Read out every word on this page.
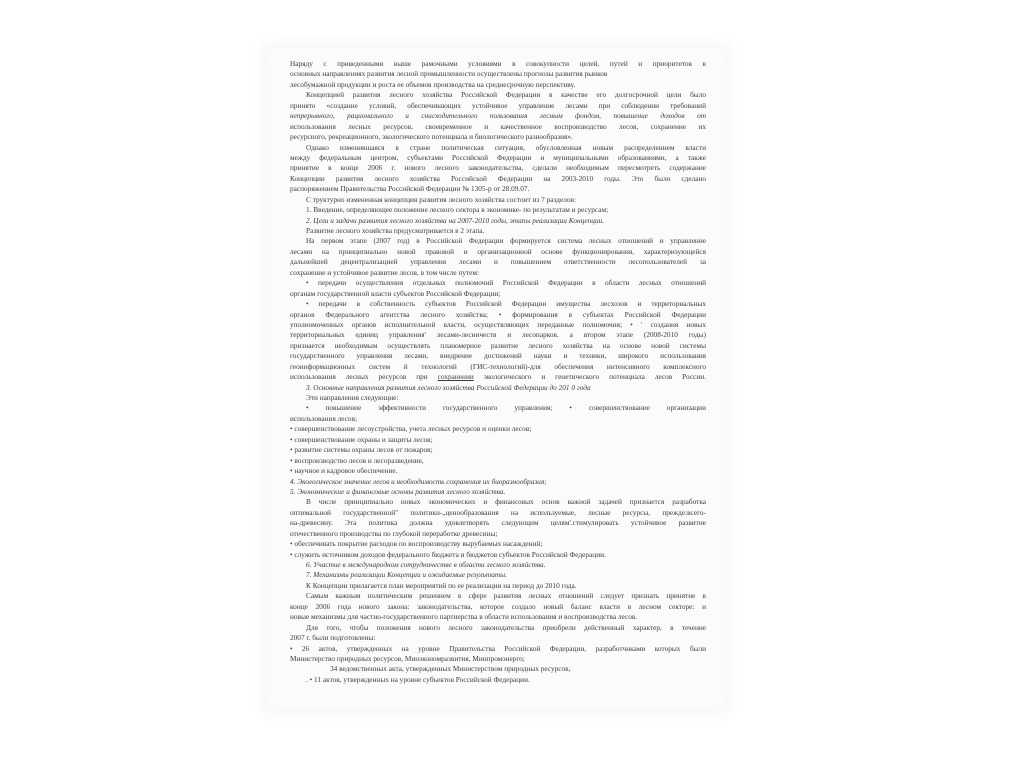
Наряду с приведенными выше рамочными условиями в совокупности целей, путей и приоритетов в
основных направлениях развития лесной промышленности осуществлены прогнозы развития рынков
лесобумажной продукции и роста ее объемов производства на среднесрочную перспективу.
Концепцией развития лесного хозяйства Российской Федерации в качестве его долгосрочной цели было
принято «создание условий, обеспечивающих устойчивое управление лесами при соблюдении требований
непрерывного, рационального и снисходительного пользования лесным фондом, повышение доходов от
использования лесных ресурсов, своевременное и качественное воспроизводство лесов, сохранение их
ресурсного, рекреационного, экологического потенциала и биологического разнообразия».
Однако изменившаяся в стране политическая ситуация, обусловленная новым распределением власти
между федеральным центром, субъектами Российской Федерации и муниципальными образованиями, а также
принятие в конце 2006 г. нового лесного законодательства, сделали необходимым пересмотреть содержание
Концепции развития лесного хозяйства Российской Федерации на 2003-2010 годы. Это было сделано
распоряжением Правительства Российской Федерации № 1305-р от 28.09.07.
С труктурно измененная концепция развития лесного хозяйства состоит из 7 разделов:
1. Введение, определяющее положение лесного сектора в экономике- по результатам и ресурсам;
2. Цели и задачи развития лесного хозяйства на 2007-2010 годы, этапы реализации Концепции.
Развитие лесного хозяйства предусматривается в 2 этапа.
На первом этапе (2007 год) в Российской Федерации формируется система лесных отношений и управление
лесами на принципиально новой правовой и организационной основе функционирования, характеризующейся
дальнейшей децентрализацией управления лесами и повышением ответственности лесопользователей за
сохранение и устойчивое развитие лесов, в том числе путем:
• передачи осуществления отдельных полномочий Российской Федерации в области лесных отношений
органам государственной власти субъектов Российской Федерации;
• передачи в собственность субъектов Российской Федерации имущества лесхозов и территориальных
органов Федерального агентства лесного хозяйства; • формирования в субъектах Российской Федерации
уполномоченных органов исполнительной власти, осуществляющих переданные полномочия; • ' создания новых
территориальных единиц управления' лесами-лесничеств и лесопарков. а втором этапе (2008-2010 годы)
признается необходимым осуществлять планомерное развитие лесного хозяйства на основе новой системы
государственного управления лесами, внедрение достижений науки и техники, широкого использования
геоинформационных систем й технологий (ГИС-технологий)-для обеспечения интенсивного комплексного
использования лесных ресурсов при сохранении экологического и генетического потенциала лесов России.
3. Основные направления развития лесного хозяйства Российской Федерации до 201 0 года
Эти направления следующие:
• повышение эффективности государственного управления; • совершенствование организации
использования лесов;
• совершенствование лесоустройства, учета лесных ресурсов и оценки лесов;
• совершенствование охраны и защиты лесов;
• развитие системы охраны лесов от пожаров;
• воспроизводство лесов и лесоразведение,
• научное и кадровое обеспечение.
4. Экологическое значение лесов и необходимость сохранения их биоразнообразия;
5. Экономические и финансовые основы развития лесного хозяйства.
В числе принципиально новых экономических и финансовых основ важной задачей признается разработка
оптимальной государственной" политики-„ценообразования на используемые, лесные ресурсы, прежде:всего-
на-древесину. Эта политика должна удовлетворять следующим целям'.стимулировать устойчивое развитие
отечественного производства по глубокой переработке древесины;
• обеспечивать покрытие расходов по воспроизводству вырубаемых насаждений;
• служить источником доходов федерального бюджета и бюджетов субъектов Российской Федерации.
6. Участие в международном сотрудничестве в области лесного хозяйства.
7. Механизмы реализации Концепции и ожидаемые результаты.
К Концепции прилагается план мероприятий по ее реализации на период до 2010 года.
Самым важным политическим решением в сфере развития лесных отношений следует признать принятие в
конце 2006 года нового закона: законодательства, которое создало новый баланс власти в лесном секторе: и
новые механизмы для частно-государственного партнерства в области использования и воспроизводства лесов.
Для того, чтобы положения нового лесного законодательства приобрели действенный характер, в течение
2007 г. были подготовлены:
• 26 актов, утвержденных на уровне Правительства Российской Федерации, разработчиками которых были
Министерство природных ресурсов, Минэкономразвития, Минпромэнерго;
34 ведомственных акта, утвержденных Министерством природных ресурсов,
. • 11 актов, утвержденных на уровне субъектов Российской Федерации.
